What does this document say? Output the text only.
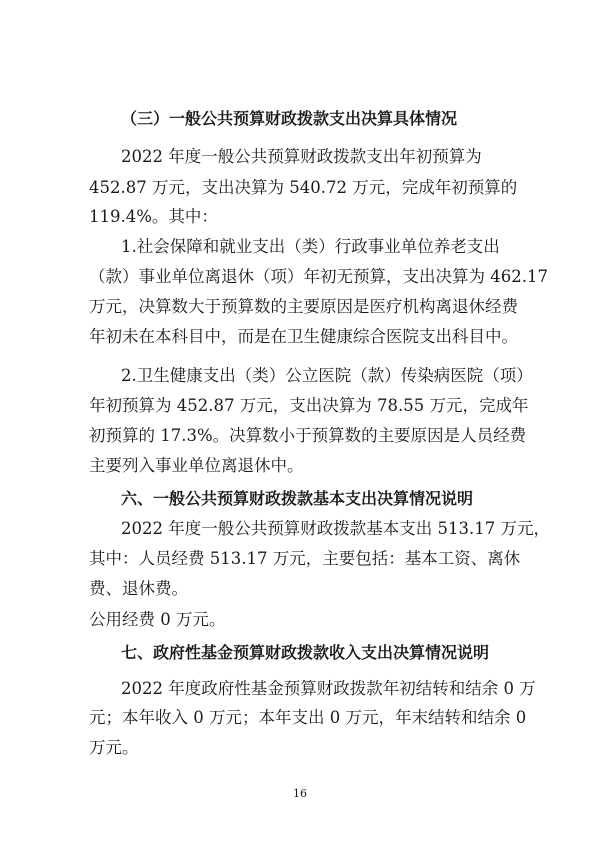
（三）一般公共预算财政拨款支出决算具体情况
2022 年度一般公共预算财政拨款支出年初预算为
452.87 万元，支出决算为 540.72 万元，完成年初预算的
119.4%。其中：
1.社会保障和就业支出（类）行政事业单位养老支出
（款）事业单位离退休（项）年初无预算，支出决算为 462.17
万元，决算数大于预算数的主要原因是医疗机构离退休经费
年初未在本科目中，而是在卫生健康综合医院支出科目中。
2.卫生健康支出（类）公立医院（款）传染病医院（项）
年初预算为 452.87 万元，支出决算为 78.55 万元，完成年
初预算的 17.3%。决算数小于预算数的主要原因是人员经费
主要列入事业单位离退休中。
六、一般公共预算财政拨款基本支出决算情况说明
2022 年度一般公共预算财政拨款基本支出 513.17 万元，
其中：人员经费 513.17 万元，主要包括：基本工资、离休
费、退休费。
公用经费 0 万元。
七、政府性基金预算财政拨款收入支出决算情况说明
2022 年度政府性基金预算财政拨款年初结转和结余 0 万
元；本年收入 0 万元；本年支出 0 万元，年末结转和结余 0
万元。
16
